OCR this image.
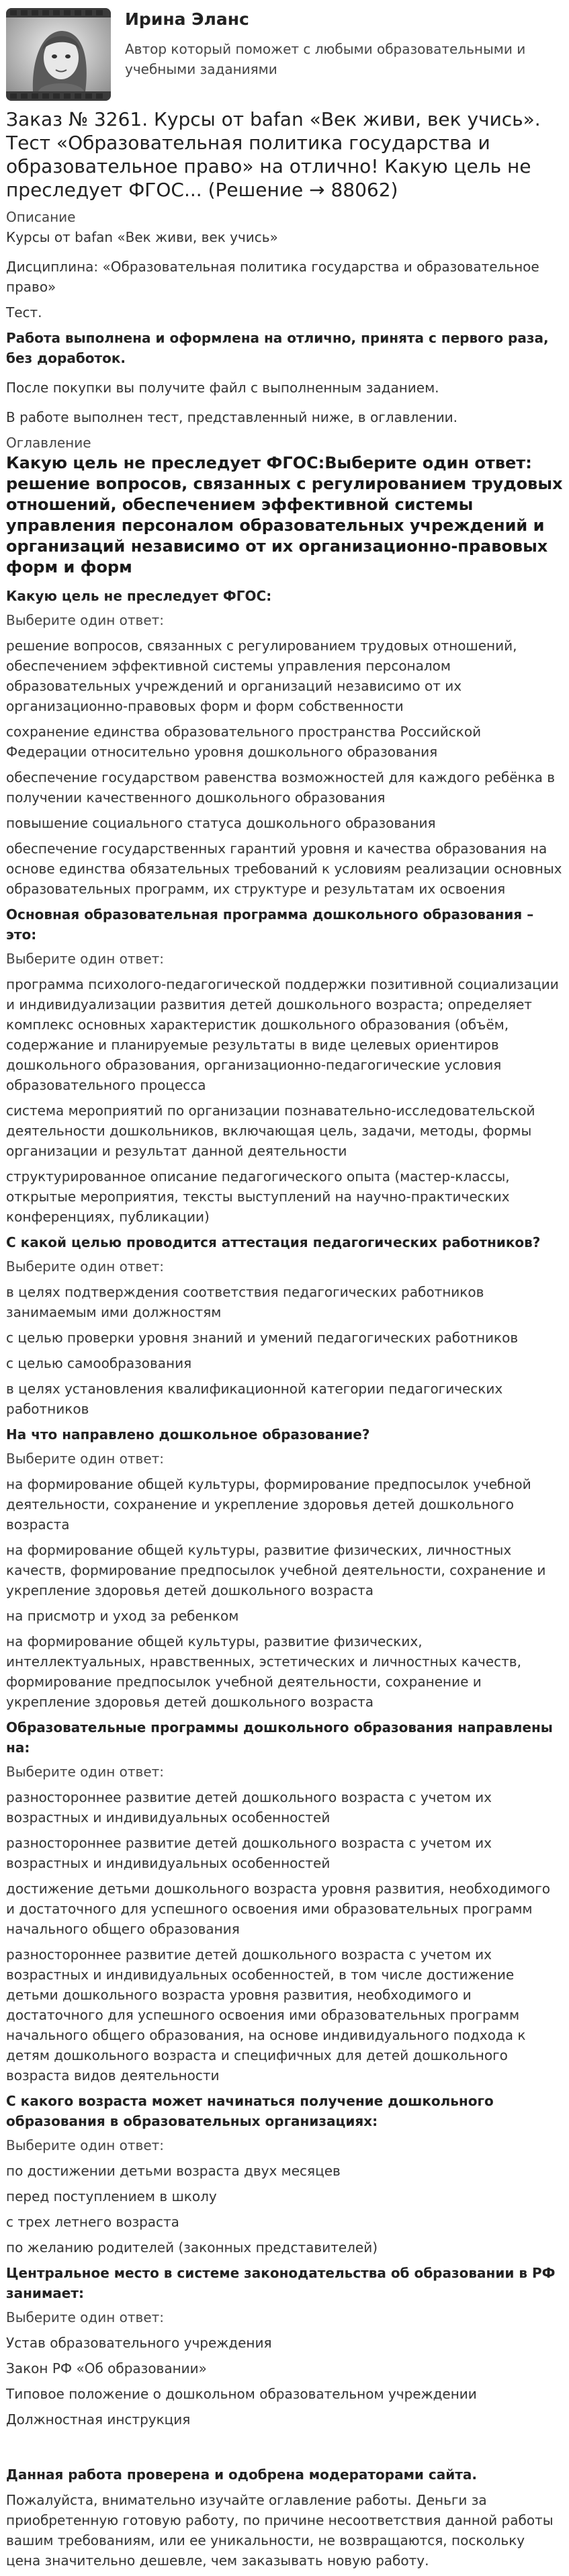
Ирина Эланс
Автор который поможет с любыми образовательными и учебными заданиями
Заказ № 3261. Курсы от bafan «Век живи, век учись». Тест «Образовательная политика государства и образовательное право» на отлично! Какую цель не преследует ФГОС... (Решение → 88062)

Описание

Курсы от bafan «Век живи, век учись»

Дисциплина: «Образовательная политика государства и образовательное право»

Тест.

Работа выполнена и оформлена на отлично, принята с первого раза, без доработок.

После покупки вы получите файл с выполненным заданием.

В работе выполнен тест, представленный ниже, в оглавлении.

Оглавление

Какую цель не преследует ФГОС:Выберите один ответ: решение вопросов, связанных с регулированием трудовых отношений, обеспечением эффективной системы управления персоналом образовательных учреждений и организаций независимо от их организационно-правовых форм и форм

Какую цель не преследует ФГОС:

Выберите один ответ:

решение вопросов, связанных с регулированием трудовых отношений, обеспечением эффективной системы управления персоналом образовательных учреждений и организаций независимо от их организационно-правовых форм и форм собственности

сохранение единства образовательного пространства Российской Федерации относительно уровня дошкольного образования

обеспечение государством равенства возможностей для каждого ребёнка в получении качественного дошкольного образования

повышение социального статуса дошкольного образования

обеспечение государственных гарантий уровня и качества образования на основе единства обязательных требований к условиям реализации основных образовательных программ, их структуре и результатам их освоения

Основная образовательная программа дошкольного образования – это:

Выберите один ответ:

программа психолого-педагогической поддержки позитивной социализации и индивидуализации развития детей дошкольного возраста; определяет комплекс основных характеристик дошкольного образования (объём, содержание и планируемые результаты в виде целевых ориентиров дошкольного образования, организационно-педагогические условия образовательного процесса

система мероприятий по организации познавательно-исследовательской деятельности дошкольников, включающая цель, задачи, методы, формы организации и результат данной деятельности

структурированное описание педагогического опыта (мастер-классы, открытые мероприятия, тексты выступлений на научно-практических конференциях, публикации)

С какой целью проводится аттестация педагогических работников?

Выберите один ответ:

в целях подтверждения соответствия педагогических работников занимаемым ими должностям

с целью проверки уровня знаний и умений педагогических работников

с целью самообразования

в целях установления квалификационной категории педагогических работников

На что направлено дошкольное образование?

Выберите один ответ:

на формирование общей культуры, формирование предпосылок учебной деятельности, сохранение и укрепление здоровья детей дошкольного возраста

на формирование общей культуры, развитие физических, личностных качеств, формирование предпосылок учебной деятельности, сохранение и укрепление здоровья детей дошкольного возраста

на присмотр и уход за ребенком

на формирование общей культуры, развитие физических, интеллектуальных, нравственных, эстетических и личностных качеств, формирование предпосылок учебной деятельности, сохранение и укрепление здоровья детей дошкольного возраста

Образовательные программы дошкольного образования направлены на:

Выберите один ответ:

разностороннее развитие детей дошкольного возраста с учетом их возрастных и индивидуальных особенностей

разностороннее развитие детей дошкольного возраста с учетом их возрастных и индивидуальных особенностей

достижение детьми дошкольного возраста уровня развития, необходимого и достаточного для успешного освоения ими образовательных программ начального общего образования

разностороннее развитие детей дошкольного возраста с учетом их возрастных и индивидуальных особенностей, в том числе достижение детьми дошкольного возраста уровня развития, необходимого и достаточного для успешного освоения ими образовательных программ начального общего образования, на основе индивидуального подхода к детям дошкольного возраста и специфичных для детей дошкольного возраста видов деятельности

С какого возраста может начинаться получение дошкольного образования в образовательных организациях:

Выберите один ответ:

по достижении детьми возраста двух месяцев

перед поступлением в школу

с трех летнего возраста

по желанию родителей (законных представителей)

Центральное место в системе законодательства об образовании в РФ занимает:

Выберите один ответ:

Устав образовательного учреждения

Закон РФ «Об образовании»

Типовое положение о дошкольном образовательном учреждении

Должностная инструкция

Данная работа проверена и одобрена модераторами сайта.

Пожалуйста, внимательно изучайте оглавление работы. Деньги за приобретенную готовую работу, по причине несоответствия данной работы вашим требованиям, или ее уникальности, не возвращаются, поскольку цена значительно дешевле, чем заказывать новую работу.
